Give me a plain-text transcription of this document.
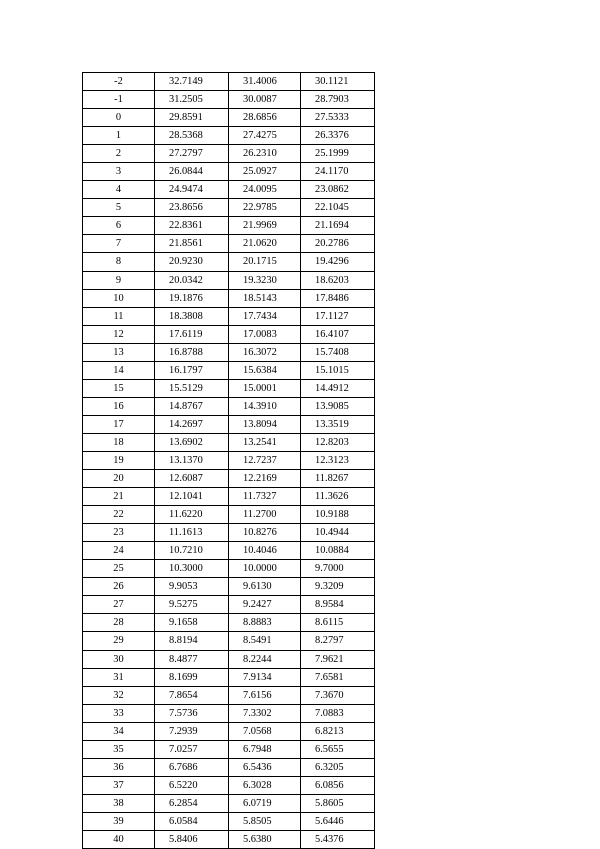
-2	32.7149	31.4006	30.1121
-1	31.2505	30.0087	28.7903
0	29.8591	28.6856	27.5333
1	28.5368	27.4275	26.3376
2	27.2797	26.2310	25.1999
3	26.0844	25.0927	24.1170
4	24.9474	24.0095	23.0862
5	23.8656	22.9785	22.1045
6	22.8361	21.9969	21.1694
7	21.8561	21.0620	20.2786
8	20.9230	20.1715	19.4296
9	20.0342	19.3230	18.6203
10	19.1876	18.5143	17.8486
11	18.3808	17.7434	17.1127
12	17.6119	17.0083	16.4107
13	16.8788	16.3072	15.7408
14	16.1797	15.6384	15.1015
15	15.5129	15.0001	14.4912
16	14.8767	14.3910	13.9085
17	14.2697	13.8094	13.3519
18	13.6902	13.2541	12.8203
19	13.1370	12.7237	12.3123
20	12.6087	12.2169	11.8267
21	12.1041	11.7327	11.3626
22	11.6220	11.2700	10.9188
23	11.1613	10.8276	10.4944
24	10.7210	10.4046	10.0884
25	10.3000	10.0000	9.7000
26	9.9053	9.6130	9.3209
27	9.5275	9.2427	8.9584
28	9.1658	8.8883	8.6115
29	8.8194	8.5491	8.2797
30	8.4877	8.2244	7.9621
31	8.1699	7.9134	7.6581
32	7.8654	7.6156	7.3670
33	7.5736	7.3302	7.0883
34	7.2939	7.0568	6.8213
35	7.0257	6.7948	6.5655
36	6.7686	6.5436	6.3205
37	6.5220	6.3028	6.0856
38	6.2854	6.0719	5.8605
39	6.0584	5.8505	5.6446
40	5.8406	5.6380	5.4376
